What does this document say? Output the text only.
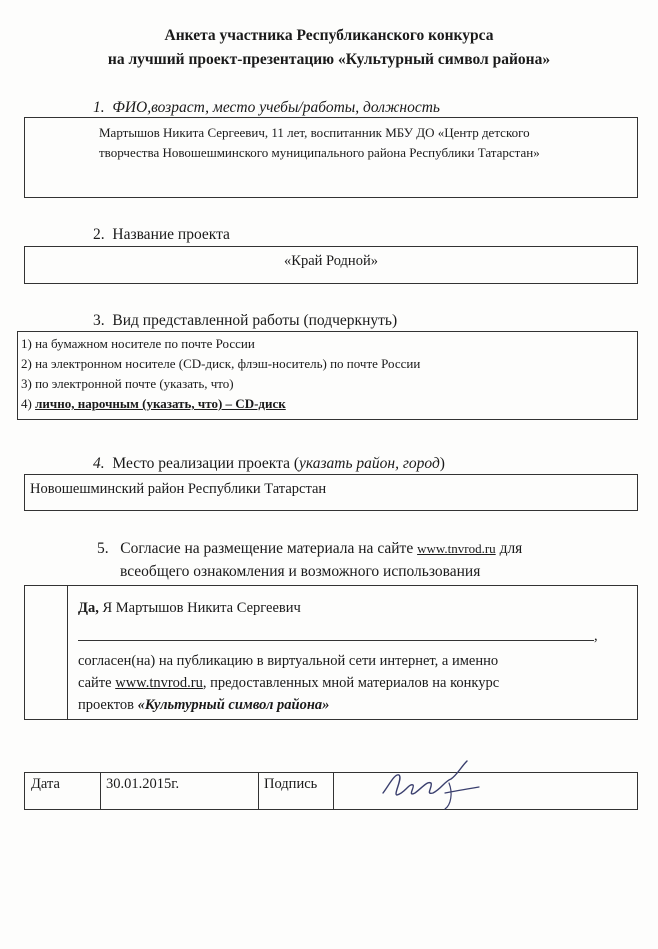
Анкета участника Республиканского конкурса
на лучший проект-презентацию «Культурный символ района»
1. ФИО,возраст, место учебы/работы, должность
Мартышов Никита Сергеевич, 11 лет, воспитанник МБУ ДО «Центр детского
творчества Новошешминского муниципального района Республики Татарстан»
2. Название проекта
«Край Родной»
3. Вид представленной работы (подчеркнуть)
1) на бумажном носителе по почте России
2) на электронном носителе (CD-диск, флэш-носитель) по почте России
3) по электронной почте (указать, что)
4) лично, нарочным (указать, что) – CD-диск
4. Место реализации проекта (указать район, город)
Новошешминский район Республики Татарстан
5. Согласие на размещение материала на сайте www.tnvrod.ru для
всеобщего ознакомления и возможного использования
Да, Я Мартышов Никита Сергеевич
,
согласен(на) на публикацию в виртуальной сети интернет, а именно
сайте www.tnvrod.ru, предоставленных мной материалов на конкурс
проектов «Культурный символ района»
Дата	30.01.2015г.	Подпись
